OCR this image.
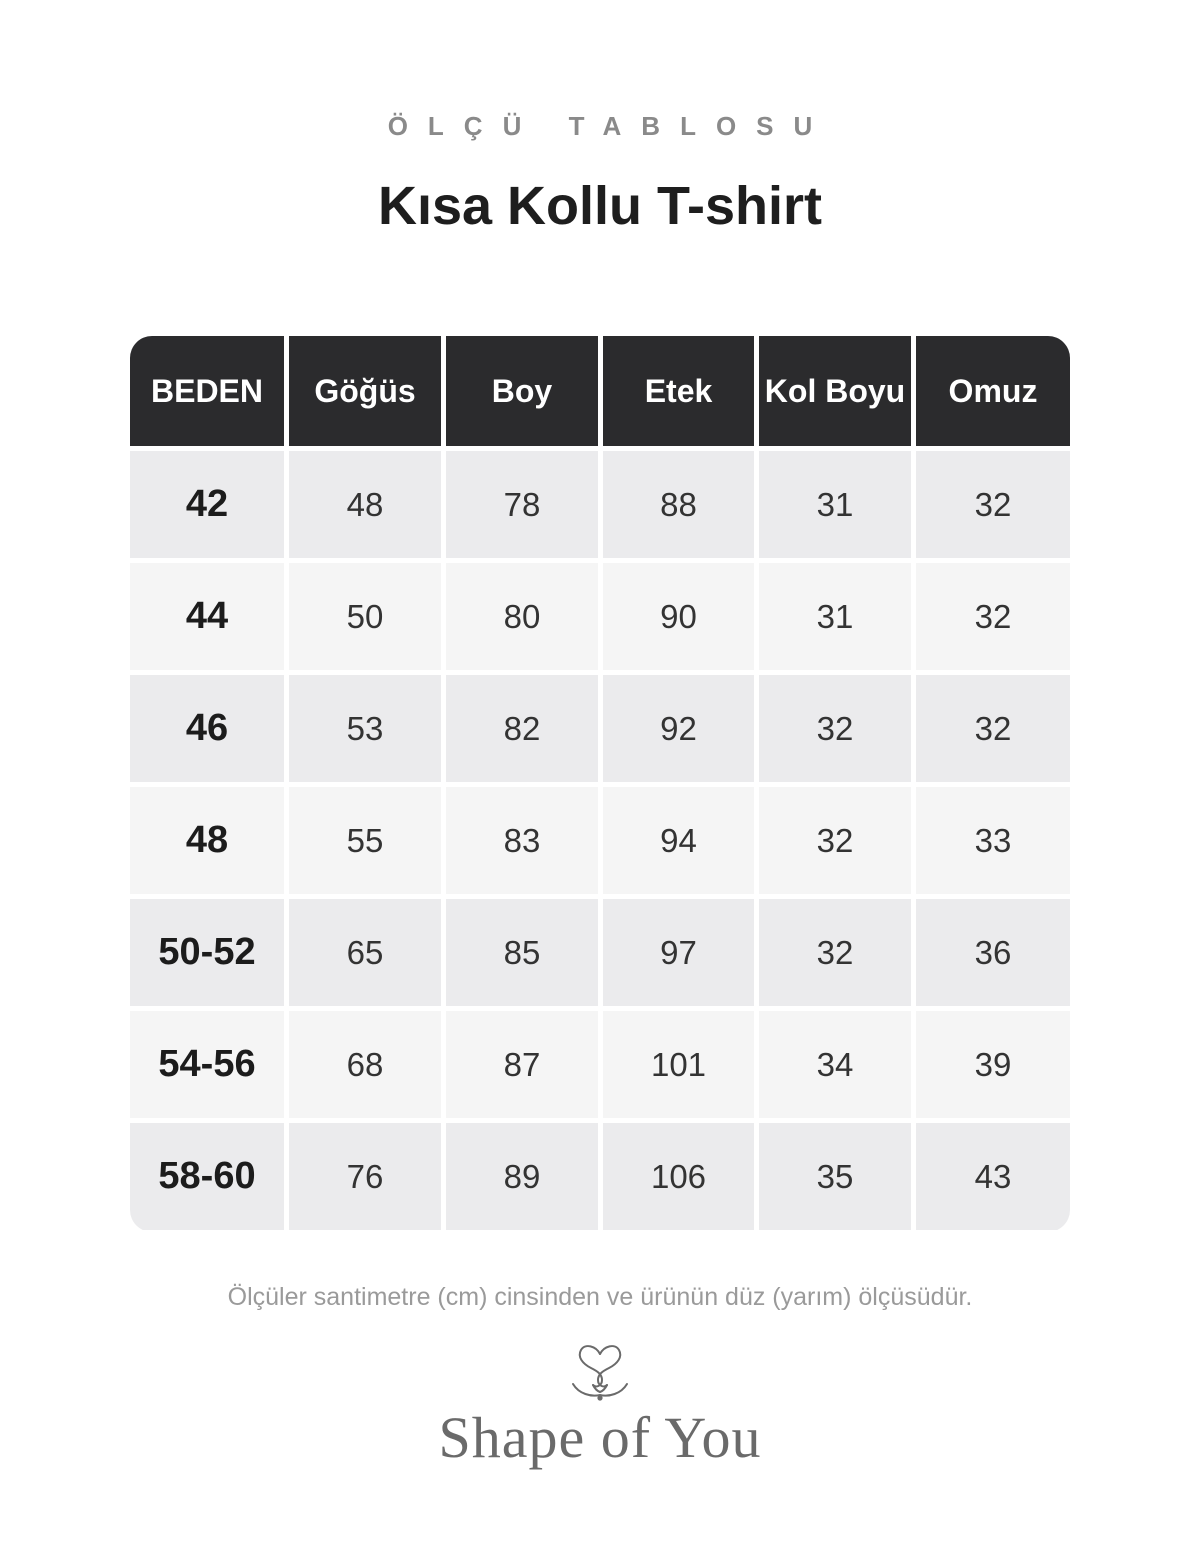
ÖLÇÜ TABLOSU
Kısa Kollu T-shirt
BEDEN	Göğüs	Boy	Etek	Kol Boyu	Omuz
42	48	78	88	31	32
44	50	80	90	31	32
46	53	82	92	32	32
48	55	83	94	32	33
50-52	65	85	97	32	36
54-56	68	87	101	34	39
58-60	76	89	106	35	43
Ölçüler santimetre (cm) cinsinden ve ürünün düz (yarım) ölçüsüdür.
Shape of You
